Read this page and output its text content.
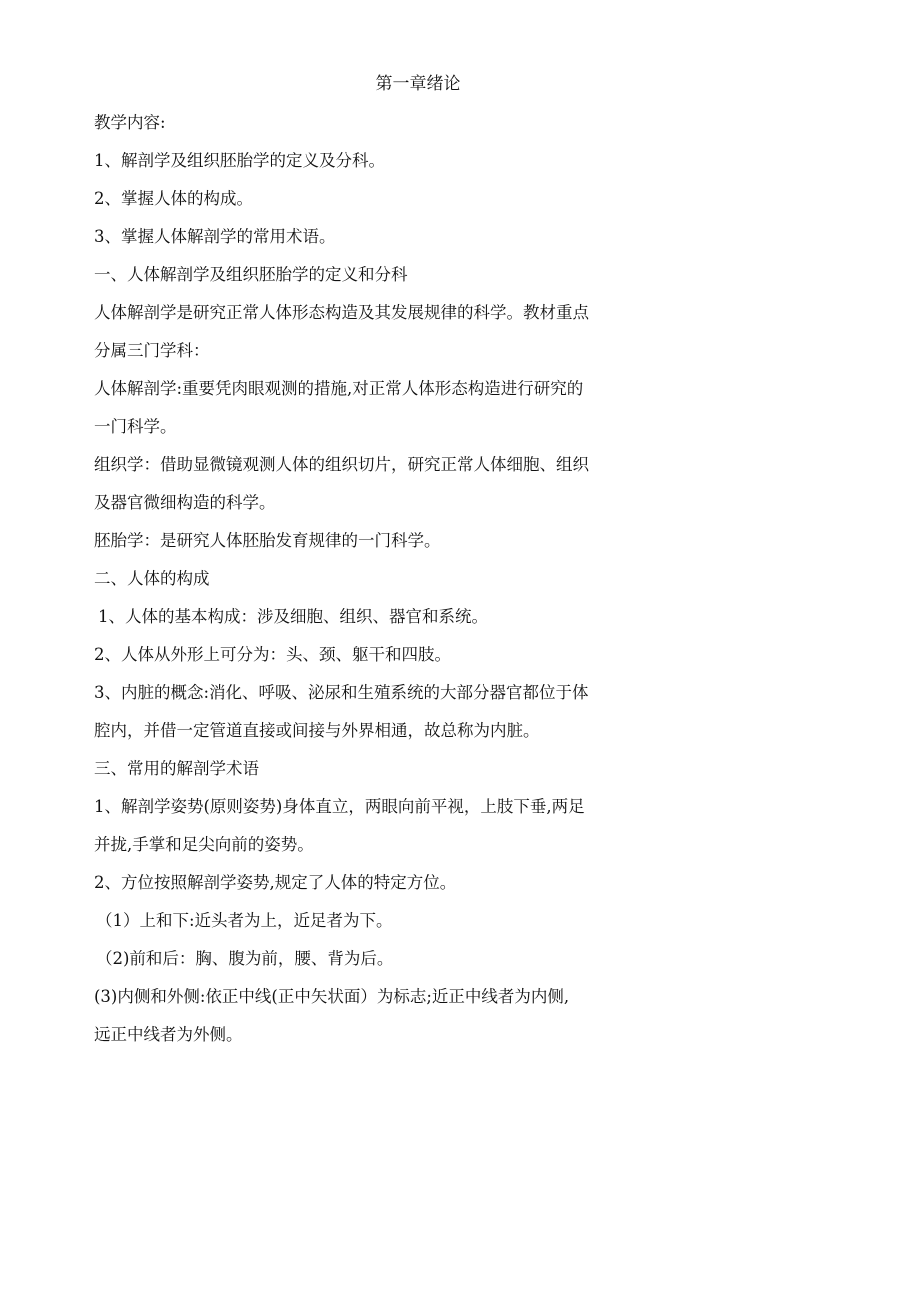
第一章绪论
教学内容:
1、解剖学及组织胚胎学的定义及分科。
2、掌握人体的构成。
3、掌握人体解剖学的常用术语。
一、人体解剖学及组织胚胎学的定义和分科
人体解剖学是研究正常人体形态构造及其发展规律的科学。教材重点
分属三门学科：
人体解剖学:重要凭肉眼观测的措施,对正常人体形态构造进行研究的
一门科学。
组织学：借助显微镜观测人体的组织切片，研究正常人体细胞、组织
及器官微细构造的科学。
胚胎学：是研究人体胚胎发育规律的一门科学。
二、人体的构成
1、人体的基本构成：涉及细胞、组织、器官和系统。
2、人体从外形上可分为：头、颈、躯干和四肢。
3、内脏的概念:消化、呼吸、泌尿和生殖系统的大部分器官都位于体
腔内，并借一定管道直接或间接与外界相通，故总称为内脏。
三、常用的解剖学术语
1、解剖学姿势(原则姿势)身体直立，两眼向前平视，上肢下垂,两足
并拢,手掌和足尖向前的姿势。
2、方位按照解剖学姿势,规定了人体的特定方位。
（1）上和下:近头者为上，近足者为下。
（2)前和后：胸、腹为前，腰、背为后。
(3)内侧和外侧:依正中线(正中矢状面）为标志;近正中线者为内侧,
远正中线者为外侧。
